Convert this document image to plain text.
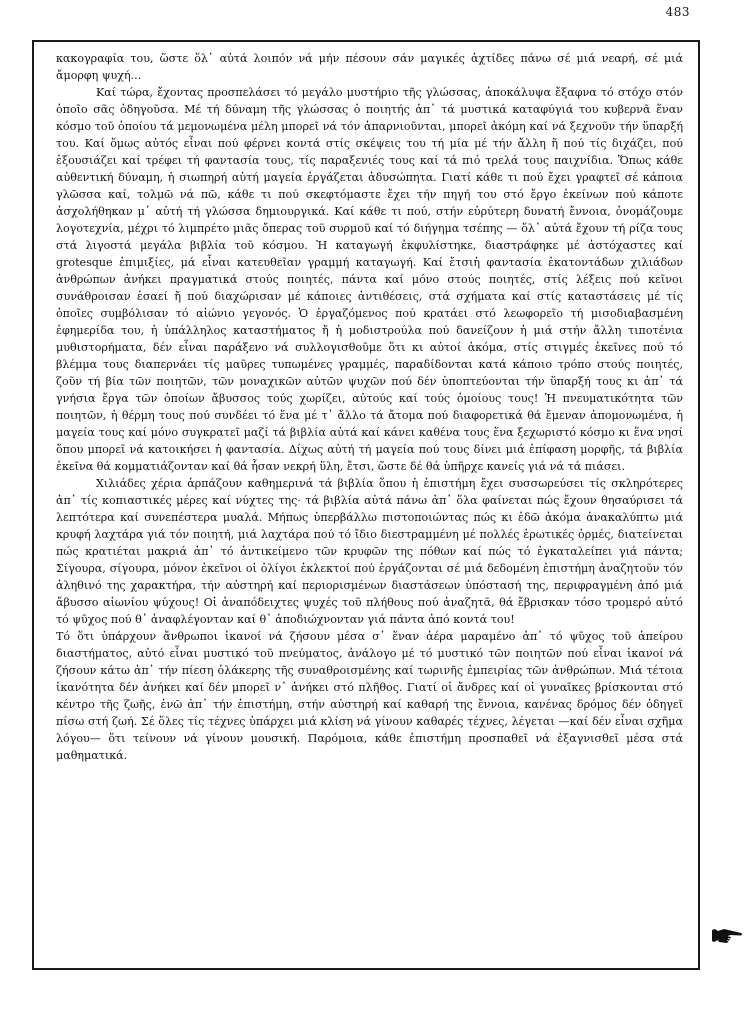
483

κακογραφία του, ὥστε ὅλ᾽ αὐτά λοιπόν νά μήν πέσουν σάν μαγικές ἀχτίδες πάνω σέ μιά νεαρή, σέ μιά ἄμορφη ψυχή...

Καί τώρα, ἔχοντας προσπελάσει τό μεγάλο μυστήριο τῆς γλώσσας, ἀποκάλυψα ἔξαφνα τό στόχο στόν ὁποῖο σᾶς ὁδηγοῦσα. Μέ τή δύναμη τῆς γλώσσας ὁ ποιητής ἀπ᾽ τά μυστικά καταφύγιά του κυβερνᾶ ἕναν κόσμο τοῦ ὁποίου τά μεμονωμένα μέλη μπορεῖ νά τόν ἀπαρνιοῦνται, μπορεῖ ἀκόμη καί νά ξεχνοῦν τήν ὕπαρξή του. Καί ὅμως αὐτός εἶναι πού φέρνει κοντά στίς σκέψεις του τή μία μέ τήν ἄλλη ἤ πού τίς διχάζει, πού ἐξουσιάζει καί τρέφει τή φαντασία τους, τίς παραξενιές τους καί τά πιό τρελά τους παιχνίδια. Ὅπως κάθε αὐθεντική δύναμη, ἡ σιωπηρή αὐτή μαγεία ἐργάζεται ἀδυσώπητα. Γιατί κάθε τι πού ἔχει γραφτεῖ σέ κάποια γλῶσσα καί, τολμῶ νά πῶ, κάθε τι πού σκεφτόμαστε ἔχει τήν πηγή του στό ἔργο ἐκείνων πού κάποτε ἀσχολήθηκαν μ᾽ αὐτή τή γλώσσα δημιουργικά. Καί κάθε τι πού, στήν εὐρύτερη δυνατή ἔννοια, ὀνομάζουμε λογοτεχνία, μέχρι τό λιμπρέτο μιᾶς ὄπερας τοῦ συρμοῦ καί τό διήγημα τσέπης — ὅλ᾽ αὐτά ἔχουν τή ρίζα τους στά λιγοστά μεγάλα βιβλία τοῦ κόσμου. Ἡ καταγωγή ἐκφυλίστηκε, διαστράφηκε μέ ἀστόχαστες καί grotesque ἐπιμιξίες, μά εἶναι κατευθεῖαν γραμμή καταγωγή. Καί ἔτσιἡ φαντασία ἑκατοντάδων χιλιάδων ἀνθρώπων ἀνήκει πραγματικά στούς ποιητές, πάντα καί μόνο στούς ποιητές, στίς λέξεις πού κεῖνοι συνάθροισαν ἐσαεί ἤ πού διαχώρισαν μέ κάποιες ἀντιθέσεις, στά σχήματα καί στίς καταστάσεις μέ τίς ὁποῖες συμβόλισαν τό αἰώνιο γεγονός. Ὁ ἐργαζόμενος πού κρατάει στό λεωφορεῖο τή μισοδιαβασμένη ἐφημερίδα του, ἡ ὑπάλληλος καταστήματος ἤ ἡ μοδιστρούλα πού δανείζουν ἡ μιά στήν ἄλλη τιποτένια μυθιστορήματα, δέν εἶναι παράξενο νά συλλογισθοῦμε ὅτι κι αὐτοί ἀκόμα, στίς στιγμές ἐκεῖνες πού τό βλέμμα τους διαπερνάει τίς μαῦρες τυπωμένες γραμμές, παραδίδονται κατά κάποιο τρόπο στούς ποιητές, ζοῦν τή βία τῶν ποιητῶν, τῶν μοναχικῶν αὐτῶν ψυχῶν πού δέν ὑποπτεύονται τήν ὕπαρξή τους κι ἀπ᾽ τά γνήσια ἔργα τῶν ὁποίων ἄβυσσος τούς χωρίζει, αὐτούς καί τούς ὁμοίους τους! Ἡ πνευματικότητα τῶν ποιητῶν, ἡ θέρμη τους πού συνδέει τό ἕνα μέ τ᾽ ἄλλο τά ἄτομα πού διαφορετικά θά ἔμεναν ἀπομονωμένα, ἡ μαγεία τους καί μόνο συγκρατεῖ μαζί τά βιβλία αὐτά καί κάνει καθένα τους ἕνα ξεχωριστό κόσμο κι ἕνα νησί ὅπου μπορεῖ νά κατοικήσει ἡ φαντασία. Δίχως αὐτή τή μαγεία πού τους δίνει μιά ἐπίφαση μορφῆς, τά βιβλία ἐκεῖνα θά κομματιάζονταν καί θά ἦσαν νεκρή ὕλη, ἔτσι, ὥστε δέ θά ὑπῆρχε κανείς γιά νά τά πιάσει.

Χιλιάδες χέρια ἁρπάζουν καθημερινά τά βιβλία ὅπου ἡ ἐπιστήμη ἔχει συσσωρεύσει τίς σκληρότερες ἀπ᾽ τίς κοπιαστικές μέρες καί νύχτες της· τά βιβλία αὐτά πάνω ἀπ᾽ ὅλα φαίνεται πώς ἔχουν θησαύρισει τά λεπτότερα καί συνεπέστερα μυαλά. Μήπως ὑπερβάλλω πιστοποιώντας πώς κι ἐδῶ ἀκόμα ἀνακαλύπτω μιά κρυφή λαχτάρα γιά τόν ποιητή, μιά λαχτάρα πού τό ἴδιο διεστραμμένη μέ πολλές ἐρωτικές ὁρμές, διατείνεται πώς κρατιέται μακριά ἀπ᾽ τό ἀντικείμενο τῶν κρυφῶν της πόθων καί πώς τό ἐγκαταλείπει γιά πάντα; Σίγουρα, σίγουρα, μόνον ἐκεῖνοι οἱ ὀλίγοι ἐκλεκτοί πού ἐργάζονται σέ μιά δεδομένη ἐπιστήμη ἀναζητοῦν τόν ἀληθινό της χαρακτήρα, τήν αὐστηρή καί περιορισμένων διαστάσεων ὑπόστασή της, περιφραγμένη ἀπό μιά ἄβυσσο αἰωνίου ψύχους! Οἱ ἀναπόδειχτες ψυχές τοῦ πλήθους πού ἀναζητᾶ, θά ἔβρισκαν τόσο τρομερό αὐτό τό ψῦχος πού θ᾽ ἀναφλέγονταν καί θ᾽ ἀποδιώχνονταν γιά πάντα ἀπό κοντά του!

Τό ὅτι ὑπάρχουν ἄνθρωποι ἱκανοί νά ζήσουν μέσα σ᾽ ἕναν ἀέρα μαραμένο ἀπ᾽ τό ψῦχος τοῦ ἀπείρου διαστήματος, αὐτό εἶναι μυστικό τοῦ πνεύματος, ἀνάλογο μέ τό μυστικό τῶν ποιητῶν πού εἶναι ἱκανοί νά ζήσουν κάτω ἀπ᾽ τήν πίεση ὁλάκερης τῆς συναθροισμένης καί τωρινῆς ἐμπειρίας τῶν ἀνθρώπων. Μιά τέτοια ἱκανότητα δέν ἀνήκει καί δέν μπορεῖ ν᾽ ἀνήκει στό πλῆθος. Γιατί οἱ ἄνδρες καί οἱ γυναῖκες βρίσκονται στό κέντρο τῆς ζωῆς, ἐνῶ ἀπ᾽ τήν ἐπιστήμη, στήν αὐστηρή καί καθαρή της ἔννοια, κανένας δρόμος δέν ὁδηγεῖ πίσω στή ζωή. Σέ ὅλες τίς τέχνες ὑπάρχει μιά κλίση νά γίνουν καθαρές τέχνες, λέγεται —καί δέν εἶναι σχῆμα λόγου— ὅτι τείνουν νά γίνουν μουσική. Παρόμοια, κάθε ἐπιστήμη προσπαθεῖ νά ἐξαγνισθεῖ μέσα στά μαθηματικά.
